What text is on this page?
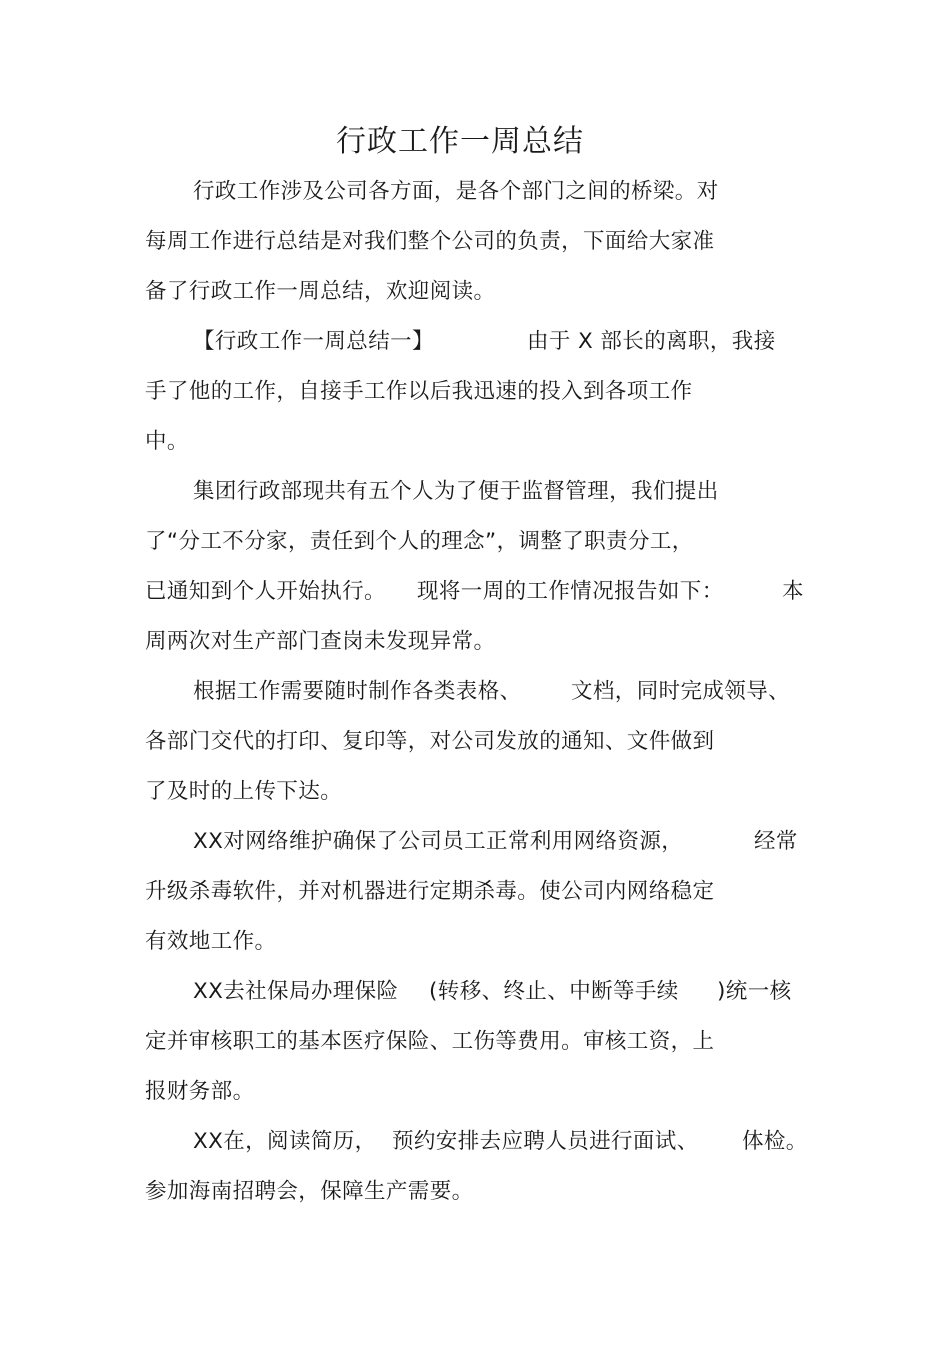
行政工作一周总结
行政工作涉及公司各方面，是各个部门之间的桥梁。对
每周工作进行总结是对我们整个公司的负责，下面给大家准
备了行政工作一周总结，欢迎阅读。
【行政工作一周总结一】	由于 X 部长的离职，我接
手了他的工作，自接手工作以后我迅速的投入到各项工作
中。
集团行政部现共有五个人为了便于监督管理，我们提出
了“分工不分家，责任到个人的理念”，调整了职责分工，
已通知到个人开始执行。 现将一周的工作情况报告如下：	本
周两次对生产部门查岗未发现异常。
根据工作需要随时制作各类表格、 文档，同时完成领导、
各部门交代的打印、复印等，对公司发放的通知、文件做到
了及时的上传下达。
XX对网络维护确保了公司员工正常利用网络资源，	经常
升级杀毒软件，并对机器进行定期杀毒。使公司内网络稳定
有效地工作。
XX去社保局办理保险 (转移、终止、中断等手续 )统一核
定并审核职工的基本医疗保险、工伤等费用。审核工资，上
报财务部。
XX在，阅读简历， 预约安排去应聘人员进行面试、 体检。
参加海南招聘会，保障生产需要。
